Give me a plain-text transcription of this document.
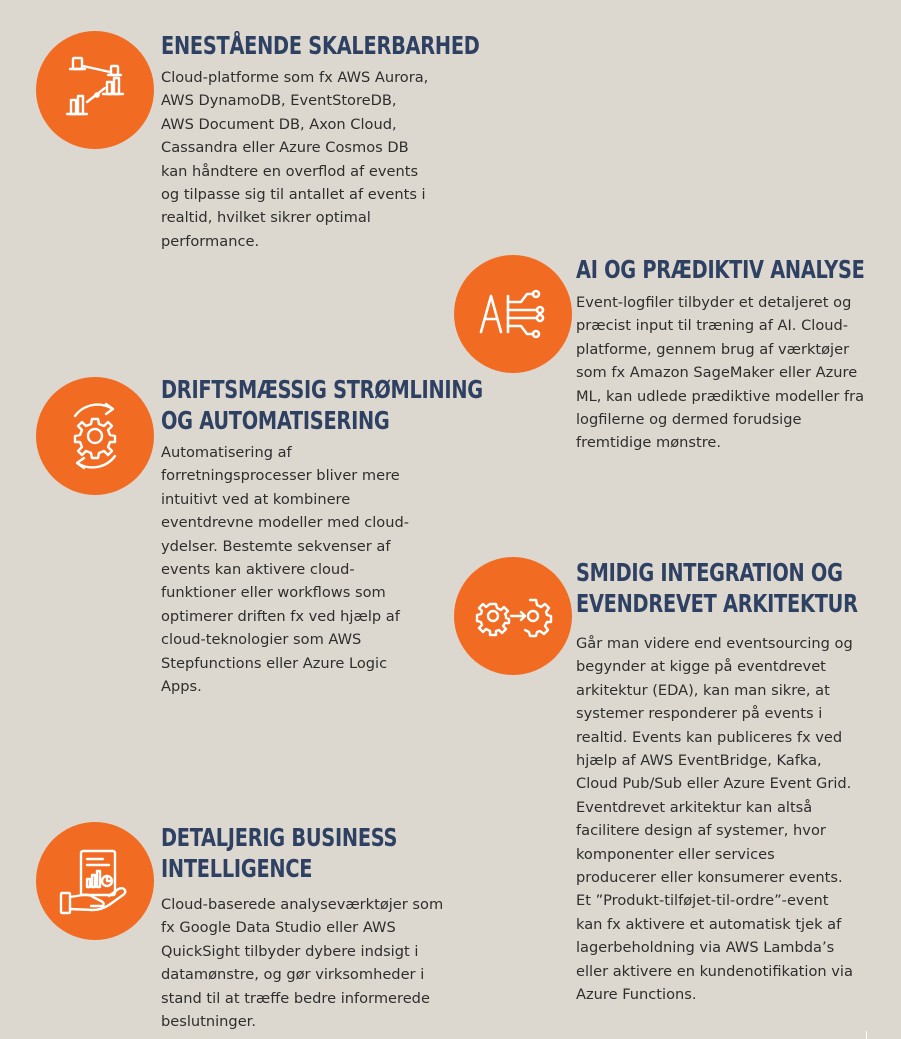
ENESTÅENDE SKALERBARHED

Cloud-platforme som fx AWS Aurora,
AWS DynamoDB, EventStoreDB,
AWS Document DB, Axon Cloud,
Cassandra eller Azure Cosmos DB
kan håndtere en overflod af events
og tilpasse sig til antallet af events i
realtid, hvilket sikrer optimal
performance.

AI OG PRÆDIKTIV ANALYSE

Event-logfiler tilbyder et detaljeret og
præcist input til træning af AI. Cloud-
platforme, gennem brug af værktøjer
som fx Amazon SageMaker eller Azure
ML, kan udlede prædiktive modeller fra
logfilerne og dermed forudsige
fremtidige mønstre.

DRIFTSMÆSSIG STRØMLINING
OG AUTOMATISERING

Automatisering af
forretningsprocesser bliver mere
intuitivt ved at kombinere
eventdrevne modeller med cloud-
ydelser. Bestemte sekvenser af
events kan aktivere cloud-
funktioner eller workflows som
optimerer driften fx ved hjælp af
cloud-teknologier som AWS
Stepfunctions eller Azure Logic
Apps.

SMIDIG INTEGRATION OG
EVENDREVET ARKITEKTUR

Går man videre end eventsourcing og
begynder at kigge på eventdrevet
arkitektur (EDA), kan man sikre, at
systemer responderer på events i
realtid. Events kan publiceres fx ved
hjælp af AWS EventBridge, Kafka,
Cloud Pub/Sub eller Azure Event Grid.
Eventdrevet arkitektur kan altså
facilitere design af systemer, hvor
komponenter eller services
producerer eller konsumerer events.
Et ”Produkt-tilføjet-til-ordre”-event
kan fx aktivere et automatisk tjek af
lagerbeholdning via AWS Lambda’s
eller aktivere en kundenotifikation via
Azure Functions.

DETALJERIG BUSINESS
INTELLIGENCE

Cloud-baserede analyseværktøjer som
fx Google Data Studio eller AWS
QuickSight tilbyder dybere indsigt i
datamønstre, og gør virksomheder i
stand til at træffe bedre informerede
beslutninger.
